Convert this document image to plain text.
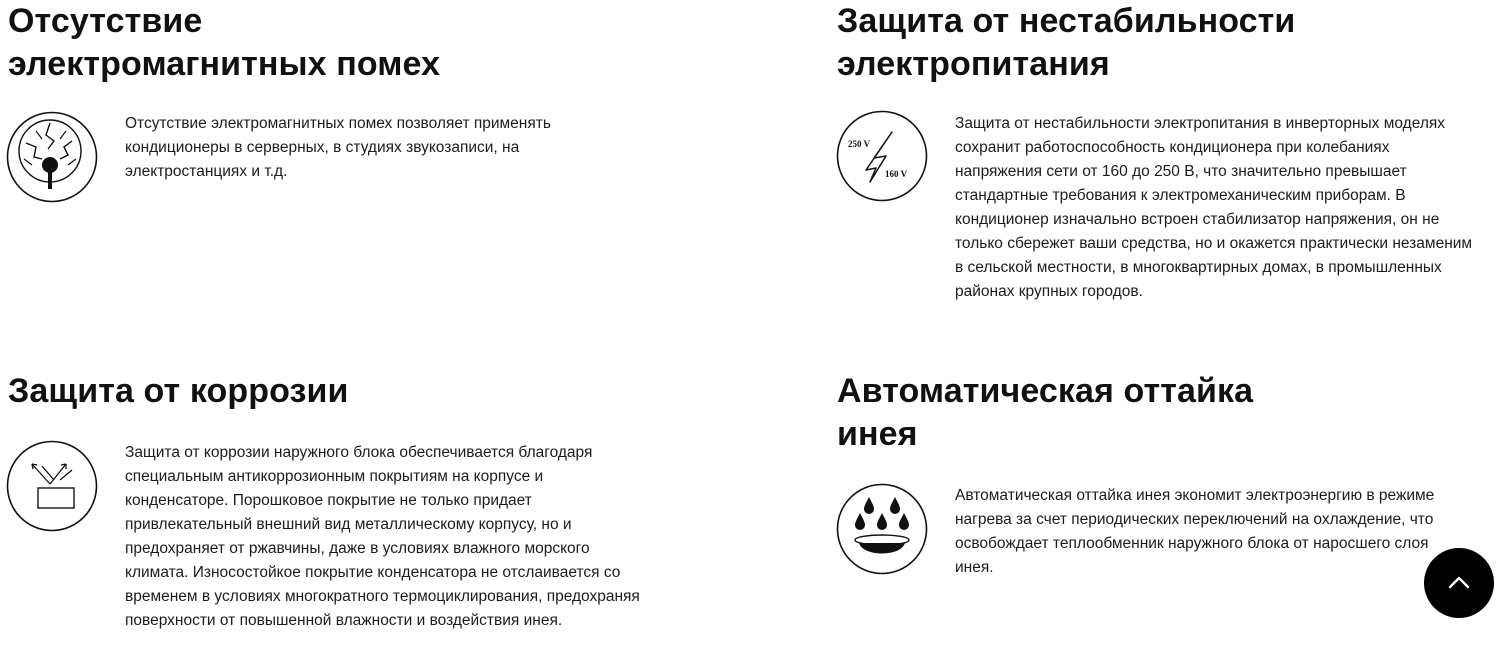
Отсутствие
электромагнитных помех

Отсутствие электромагнитных помех позволяет применять кондиционеры в серверных, в студиях звукозаписи, на электростанциях и т.д.

Защита от нестабильности
электропитания
250 V
160 V

Защита от нестабильности электропитания в инверторных моделях сохранит работоспособность кондиционера при колебаниях напряжения сети от 160 до 250 В, что значительно превышает стандартные требования к электромеханическим приборам. В кондиционер изначально встроен стабилизатор напряжения, он не только сбережет ваши средства, но и окажется практически незаменим в сельской местности, в многоквартирных домах, в промышленных районах крупных городов.

Защита от коррозии

Защита от коррозии наружного блока обеспечивается благодаря специальным антикоррозионным покрытиям на корпусе и конденсаторе. Порошковое покрытие не только придает привлекательный внешний вид металлическому корпусу, но и предохраняет от ржавчины, даже в условиях влажного морского климата. Износостойкое покрытие конденсатора не отслаивается со временем в условиях многократного термоциклирования, предохраняя поверхности от повышенной влажности и воздействия инея.

Автоматическая оттайка
инея

Автоматическая оттайка инея экономит электроэнергию в режиме нагрева за счет периодических переключений на охлаждение, что освобождает теплообменник наружного блока от наросшего слоя инея.
